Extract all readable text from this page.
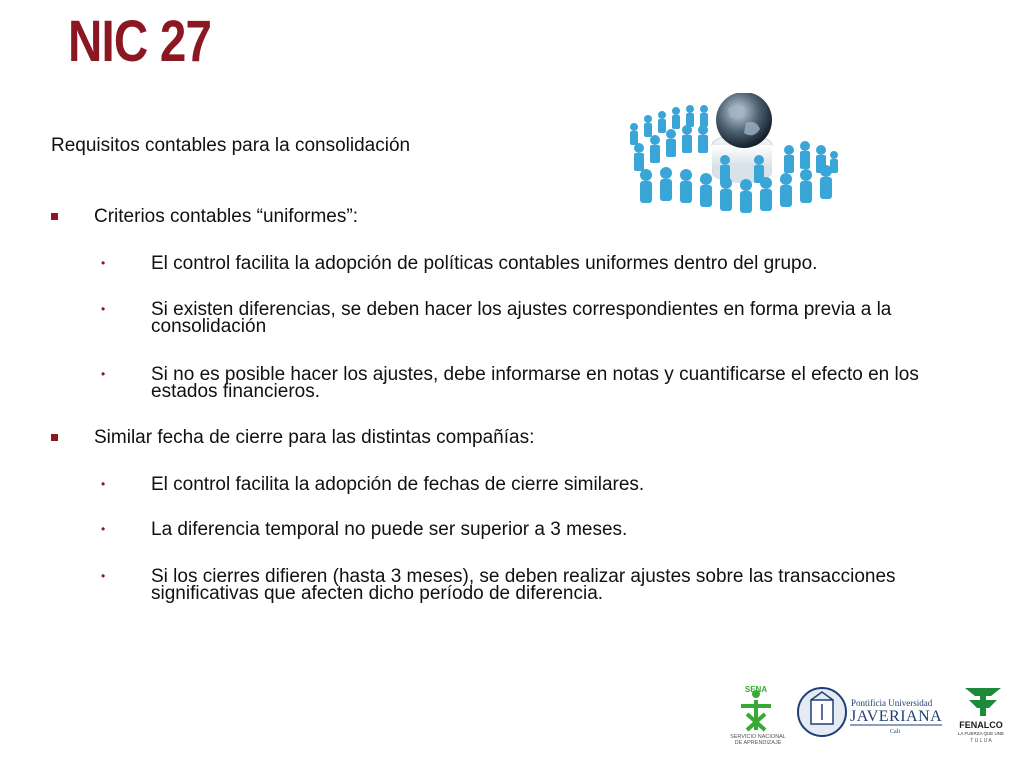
NIC 27
Requisitos contables para la consolidación
Criterios contables “uniformes”:
• El control facilita la adopción de políticas contables uniformes dentro del grupo.
• Si existen diferencias, se deben hacer los ajustes correspondientes en forma previa a la consolidación
• Si no es posible hacer los ajustes, debe informarse en notas y cuantificarse el efecto en los estados financieros.
Similar fecha de cierre para las distintas compañías:
• El control facilita la adopción de fechas de cierre similares.
• La diferencia temporal no puede ser superior a 3 meses.
• Si los cierres difieren (hasta 3 meses), se deben realizar ajustes sobre las transacciones significativas que afecten dicho período de diferencia.
SENA
SERVICIO NACIONAL
DE APRENDIZAJE
Pontificia Universidad
JAVERIANA
Cali
FENALCO
LA FUERZA QUE UNE
T U L U A
